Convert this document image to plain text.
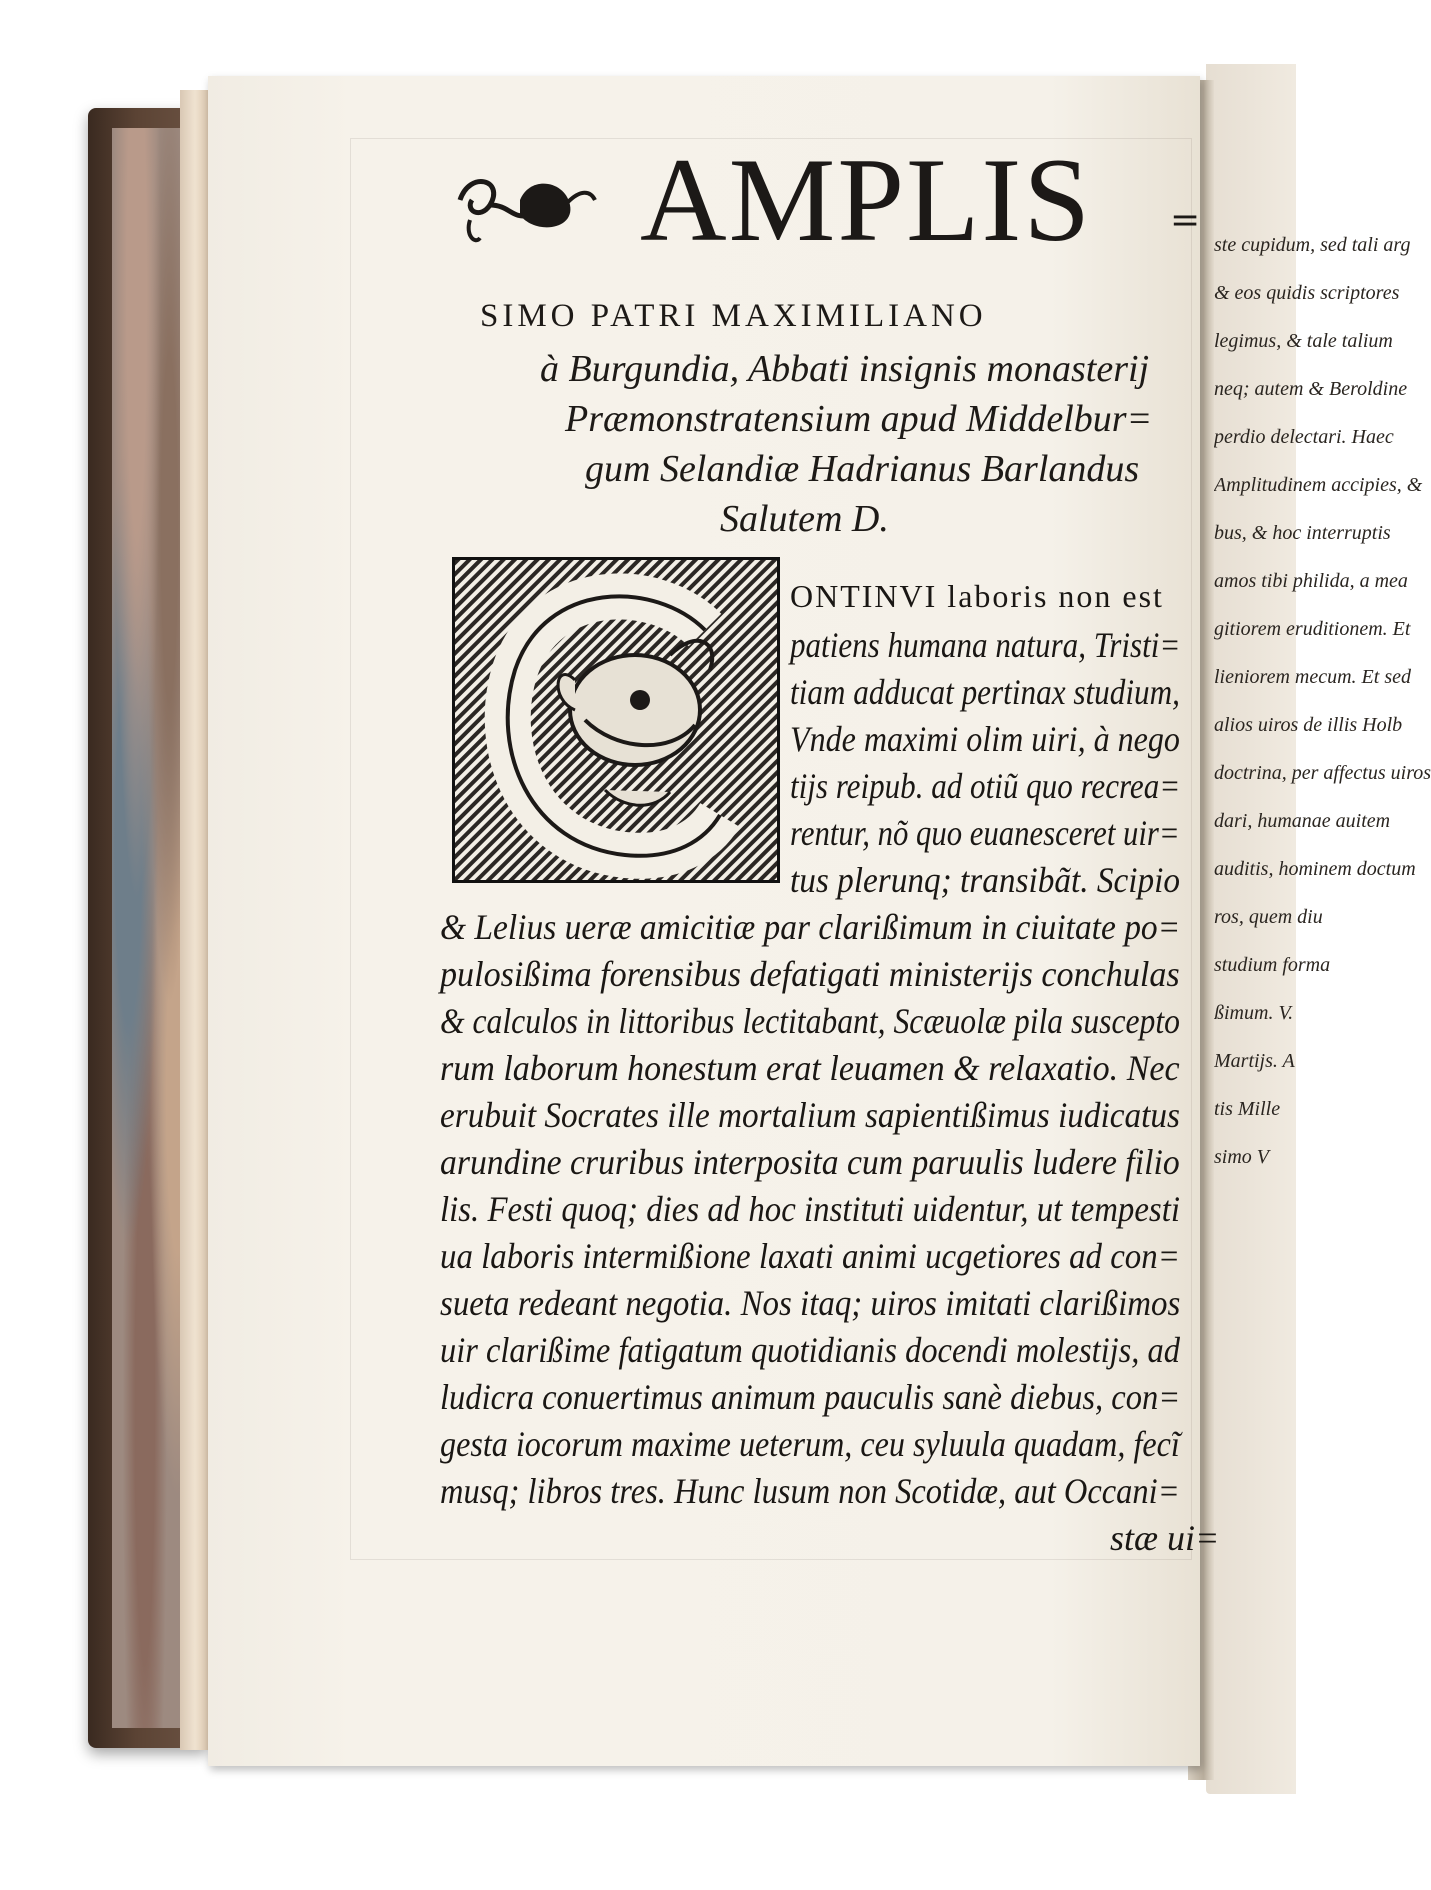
ste cupidum, sed tali arg
& eos quidis scriptores
legimus, & tale talium
neq; autem & Beroldine
perdio delectari. Haec
Amplitudinem accipies, &
bus, & hoc interruptis
amos tibi philida, a mea
gitiorem eruditionem. Et
lieniorem mecum. Et sed
alios uiros de illis Holb
doctrina, per affectus uiros
dari, humanae auitem
auditis, hominem doctum
ros, quem diu
studium forma
ßimum. V.
Martijs. A
tis Mille
simo V
AMPLIS =
SIMO PATRI MAXIMILIANO
à Burgundia, Abbati insignis monasterij
Præmonstratensium apud Middelbur=
gum Selandiæ Hadrianus Barlandus
Salutem D.
ONTINVI laboris non est
patiens humana natura, Tristi=
tiam adducat pertinax studium,
Vnde maximi olim uiri, à nego
tijs reipub. ad otiũ quo recrea=
rentur, nõ quo euanesceret uir=
tus plerunq; transibãt. Scipio
& Lelius ueræ amicitiæ par clarißimum in ciuitate po=
pulosißima forensibus defatigati ministerijs conchulas
& calculos in littoribus lectitabant, Scæuolæ pila suscepto
rum laborum honestum erat leuamen & relaxatio. Nec
erubuit Socrates ille mortalium sapientißimus iudicatus
arundine cruribus interposita cum paruulis ludere filio
lis. Festi quoq; dies ad hoc instituti uidentur, ut tempesti
ua laboris intermißione laxati animi ucgetiores ad con=
sueta redeant negotia. Nos itaq; uiros imitati clarißimos
uir clarißime fatigatum quotidianis docendi molestijs, ad
ludicra conuertimus animum pauculis sanè diebus, con=
gesta iocorum maxime ueterum, ceu syluula quadam, fecĩ
musq; libros tres. Hunc lusum non Scotidæ, aut Occani=
stæ ui=
